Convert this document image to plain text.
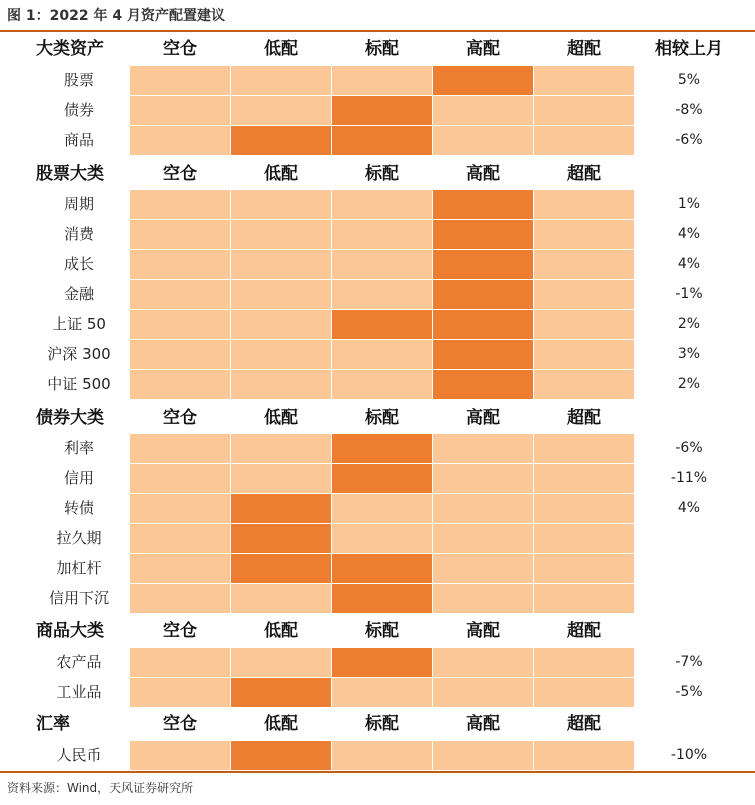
图 1：2022 年 4 月资产配置建议
大类资产	空仓	低配	标配	高配	超配	相较上月
股票	5%
债券	-8%
商品	-6%
股票大类	空仓	低配	标配	高配	超配
周期	1%
消费	4%
成长	4%
金融	-1%
上证 50	2%
沪深 300	3%
中证 500	2%
债券大类	空仓	低配	标配	高配	超配
利率	-6%
信用	-11%
转债	4%
拉久期
加杠杆
信用下沉
商品大类	空仓	低配	标配	高配	超配
农产品	-7%
工业品	-5%
汇率	空仓	低配	标配	高配	超配
人民币	-10%
资料来源：Wind，天风证券研究所
